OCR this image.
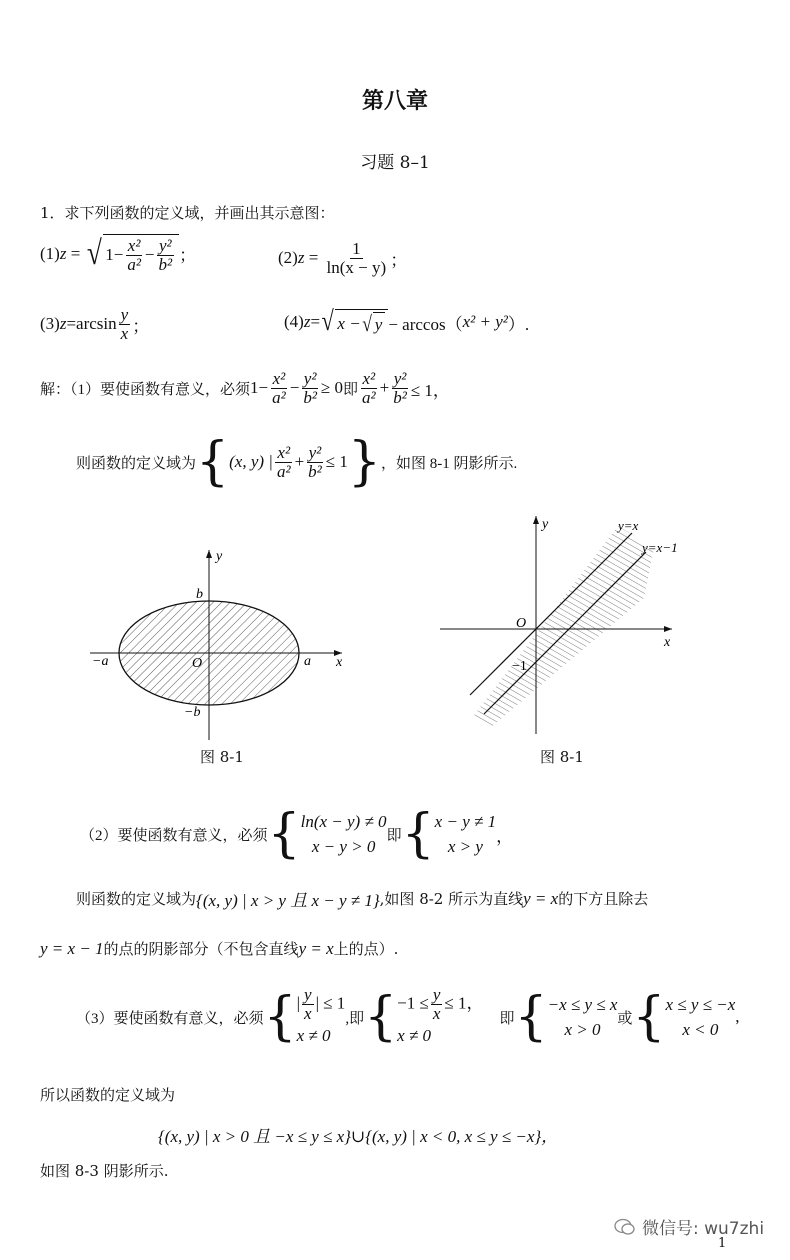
第八章
习题 8–1
1．求下列函数的定义域，并画出其示意图：
(1) z = √ $1- \frac{\text{x²}}{\text{a²}} - \frac{\text{y²}}{\text{b²}}$ ；	(2) $z = \frac{1}{\ln(x - y)}$ ；
(3) $z =\arcsin \frac{y}{x}$ ；	(4) z = √ x − √ y − arccos（ x² + y² ）.
解：（1）要使函数有意义，必须 $1- \frac{\text{x²}}{\text{a²}} - \frac{\text{y²}}{\text{b²}} \ge 0$ 即 $\frac{\text{x²}}{\text{a²}} + \frac{\text{y²}}{\text{b²}} \le 1$，
则函数的定义域为 { (x, y) | $\frac{\text{x²}}{\text{a²}} + \frac{\text{y²}}{\text{b²}} \le 1$ } ，如图 8-1 阴影所示.
y
x
b
−b
a
−a	O
图 8-1
y
x
O
−1
y=x
y=x−1
图 8-1
（2）要使函数有意义，必须 { ln(x − y) ≠ 0
x − y > 0
即 { x − y ≠ 1
x > y
，
则函数的定义域为 {(x, y) | x > y 且 x − y ≠ 1} ,如图 8-2 所示为直线 y = x 的下方且除去
y = x − 1 的点的阴影部分（不包含直线 y = x 上的点）.
（3）要使函数有意义，必须 { | $\frac{y}{x}$ | ≤ 1
x ≠ 0
,即 { $-1 \le \frac{y}{x} \le 1$，
x ≠ 0
即 { −x ≤ y ≤ x
x > 0
或 { x ≤ y ≤ −x
x < 0
,
所以函数的定义域为
{(x, y) | x > 0 且 −x ≤ y ≤ x}∪{(x, y) | x < 0, x ≤ y ≤ −x}，
如图 8-3 阴影所示.
微信号: wu7zhi
1
